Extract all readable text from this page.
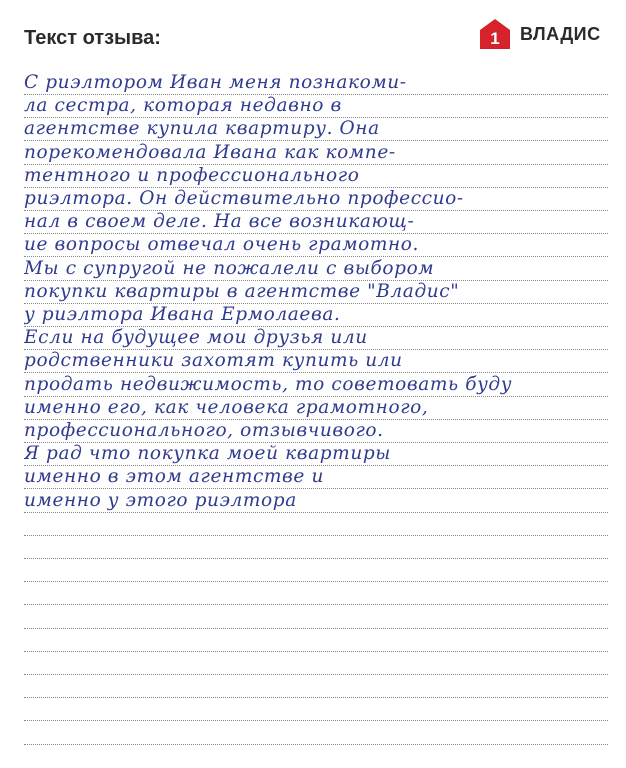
Текст отзыва:	1 ВЛАДИС
С риэлтором Иван меня познакоми-
ла сестра, которая недавно в
агентстве купила квартиру. Она
порекомендовала Ивана как компе-
тентного и профессионального
риэлтора. Он действительно профессио-
нал в своем деле. На все возникающ-
ие вопросы отвечал очень грамотно.
Мы с супругой не пожалели с выбором
покупки квартиры в агентстве "Владис"
у риэлтора Ивана Ермолаева.
Если на будущее мои друзья или
родственники захотят купить или
продать недвижимость, то советовать буду
именно его, как человека грамотного,
профессионального, отзывчивого.
Я рад что покупка моей квартиры
именно в этом агентстве и
именно у этого риэлтора
